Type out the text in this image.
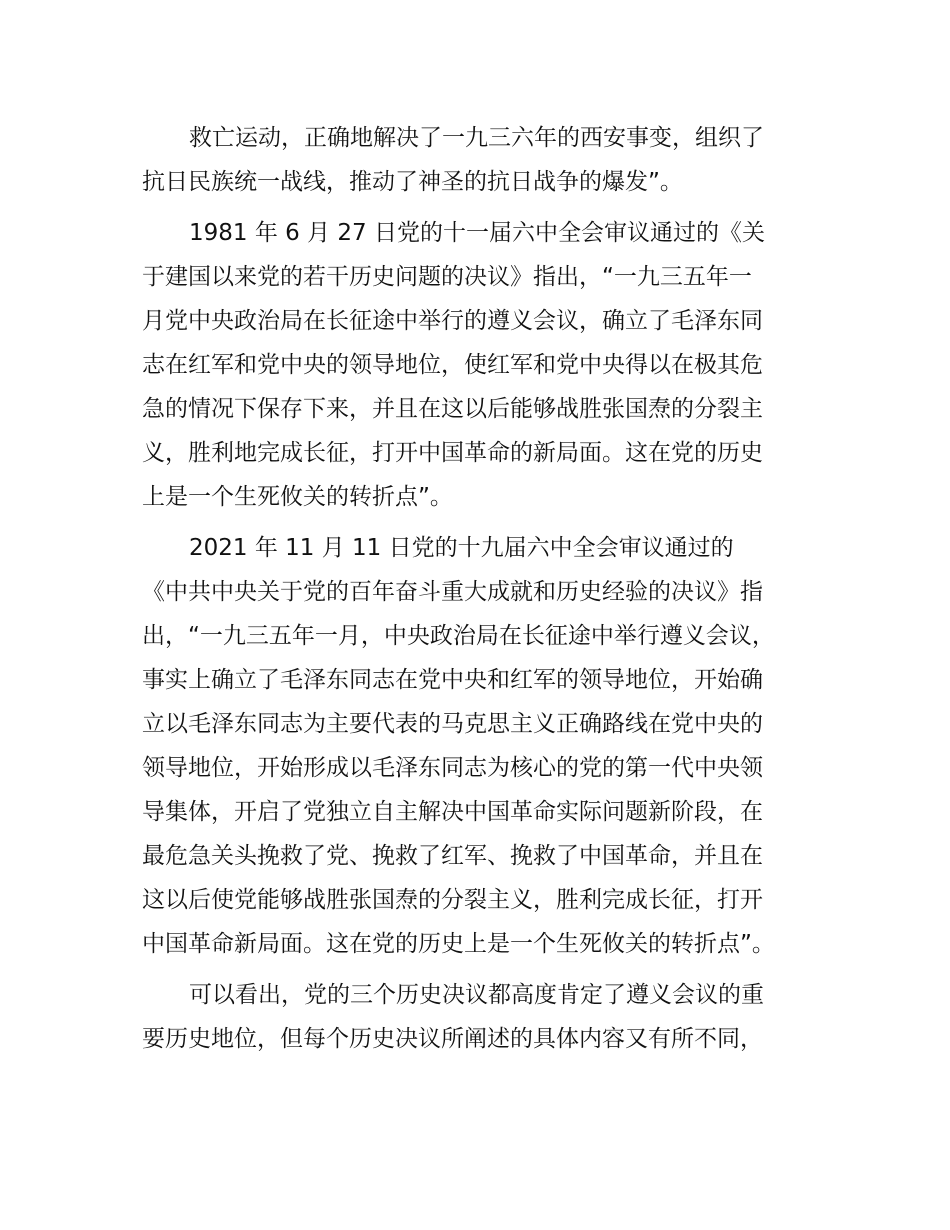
救亡运动，正确地解决了一九三六年的西安事变，组织了
抗日民族统一战线，推动了神圣的抗日战争的爆发”。

1981 年 6 月 27 日党的十一届六中全会审议通过的《关
于建国以来党的若干历史问题的决议》指出，“一九三五年一
月党中央政治局在长征途中举行的遵义会议，确立了毛泽东同
志在红军和党中央的领导地位，使红军和党中央得以在极其危
急的情况下保存下来，并且在这以后能够战胜张国焘的分裂主
义，胜利地完成长征，打开中国革命的新局面。这在党的历史
上是一个生死攸关的转折点”。

2021 年 11 月 11 日党的十九届六中全会审议通过的
《中共中央关于党的百年奋斗重大成就和历史经验的决议》指
出，“一九三五年一月，中央政治局在长征途中举行遵义会议，
事实上确立了毛泽东同志在党中央和红军的领导地位，开始确
立以毛泽东同志为主要代表的马克思主义正确路线在党中央的
领导地位，开始形成以毛泽东同志为核心的党的第一代中央领
导集体，开启了党独立自主解决中国革命实际问题新阶段，在
最危急关头挽救了党、挽救了红军、挽救了中国革命，并且在
这以后使党能够战胜张国焘的分裂主义，胜利完成长征，打开
中国革命新局面。这在党的历史上是一个生死攸关的转折点”。

可以看出，党的三个历史决议都高度肯定了遵义会议的重
要历史地位，但每个历史决议所阐述的具体内容又有所不同，
